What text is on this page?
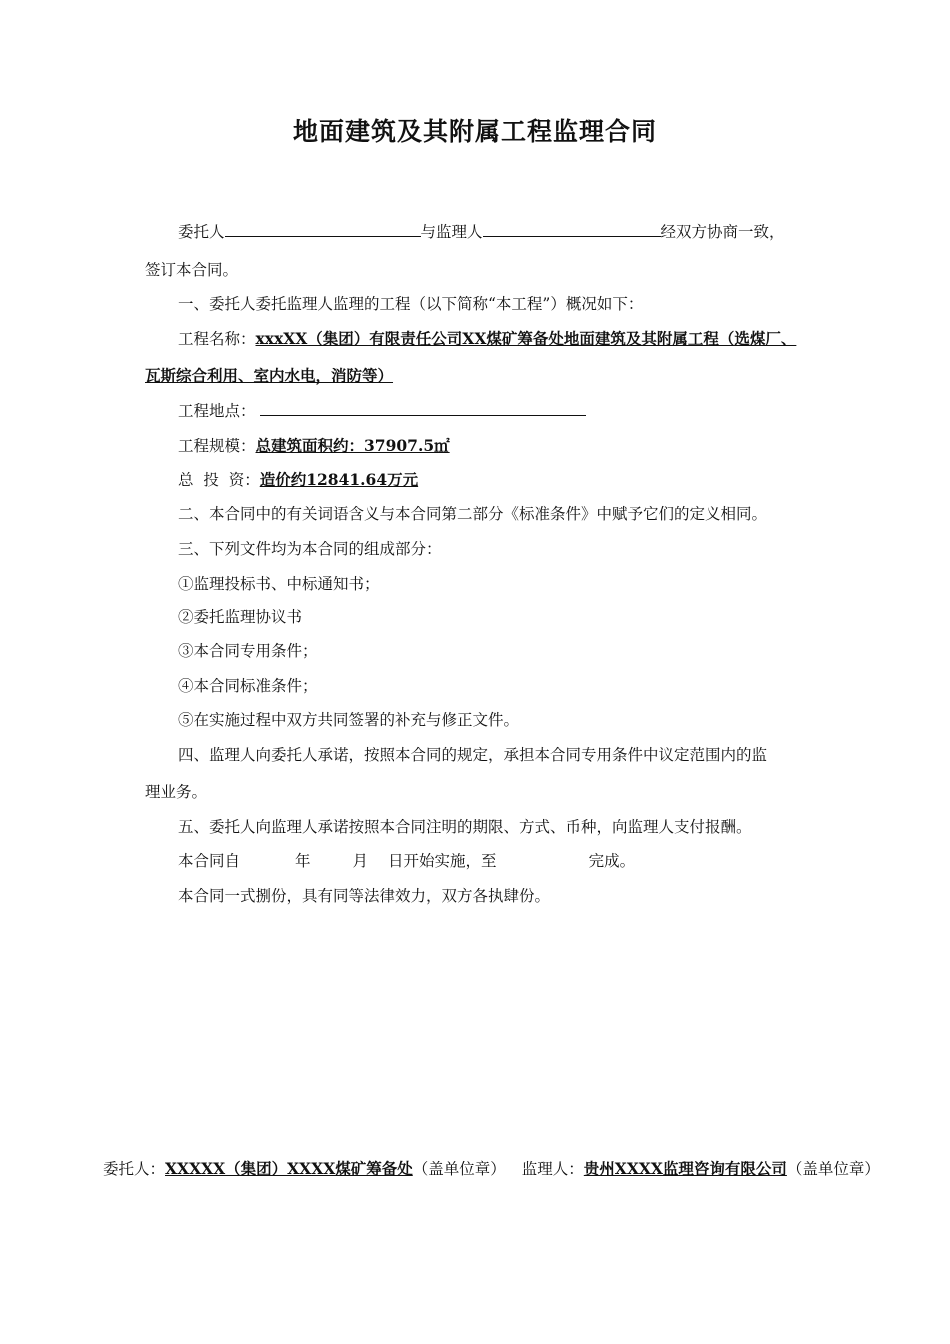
地面建筑及其附属工程监理合同
委托人	与监理人	经双方协商一致，
签订本合同。
一、委托人委托监理人监理的工程（以下简称“本工程”）概况如下：
工程名称：xxxXX（集团）有限责任公司XX煤矿筹备处地面建筑及其附属工程（选煤厂、
瓦斯综合利用、室内水电，消防等）
工程地点：
工程规模：总建筑面积约：37907.5㎡
总  投  资：造价约12841.64万元
二、本合同中的有关词语含义与本合同第二部分《标准条件》中赋予它们的定义相同。
三、下列文件均为本合同的组成部分：
①监理投标书、中标通知书；
②委托监理协议书
③本合同专用条件；
④本合同标准条件；
⑤在实施过程中双方共同签署的补充与修正文件。
四、监理人向委托人承诺，按照本合同的规定，承担本合同专用条件中议定范围内的监
理业务。
五、委托人向监理人承诺按照本合同注明的期限、方式、币种，向监理人支付报酬。
本合同自	年	月 日开始实施，至	完成。
本合同一式捌份，具有同等法律效力，双方各执肆份。
委托人：XXXXX（集团）XXXX煤矿筹备处（盖单位章） 监理人：贵州XXXX监理咨询有限公司（盖单位章）
